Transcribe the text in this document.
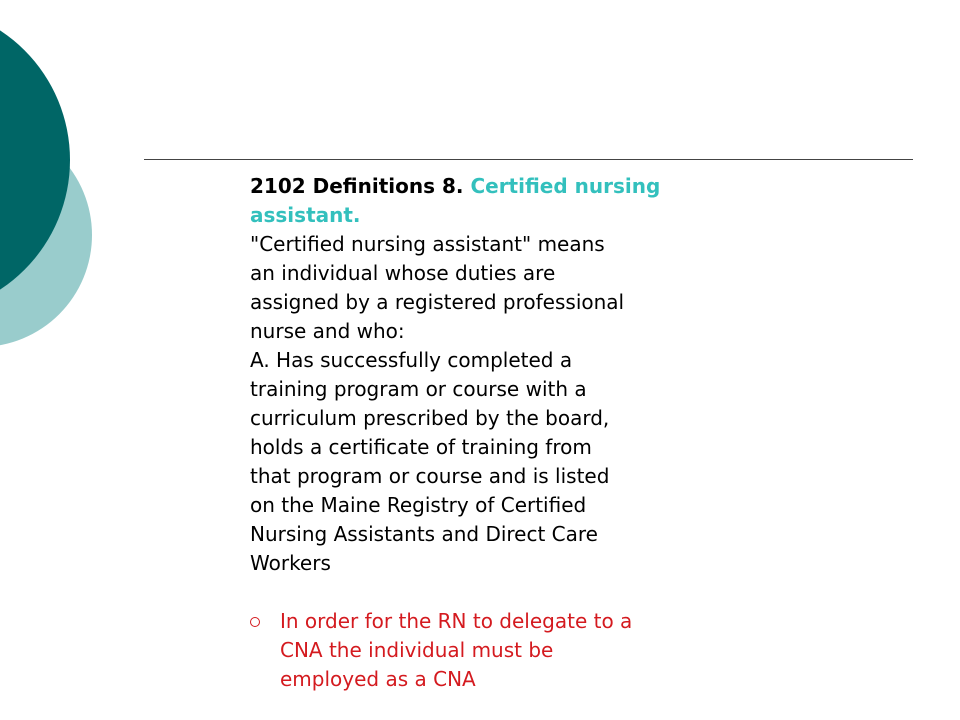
2102 Definitions 8. Certified nursing assistant.

"Certified nursing assistant" means
an individual whose duties are
assigned by a registered professional
nurse and who:

A. Has successfully completed a
training program or course with a
curriculum prescribed by the board,
holds a certificate of training from
that program or course and is listed
on the Maine Registry of Certified
Nursing Assistants and Direct Care
Workers

In order for the RN to delegate to a
CNA the individual must be
employed as a CNA
